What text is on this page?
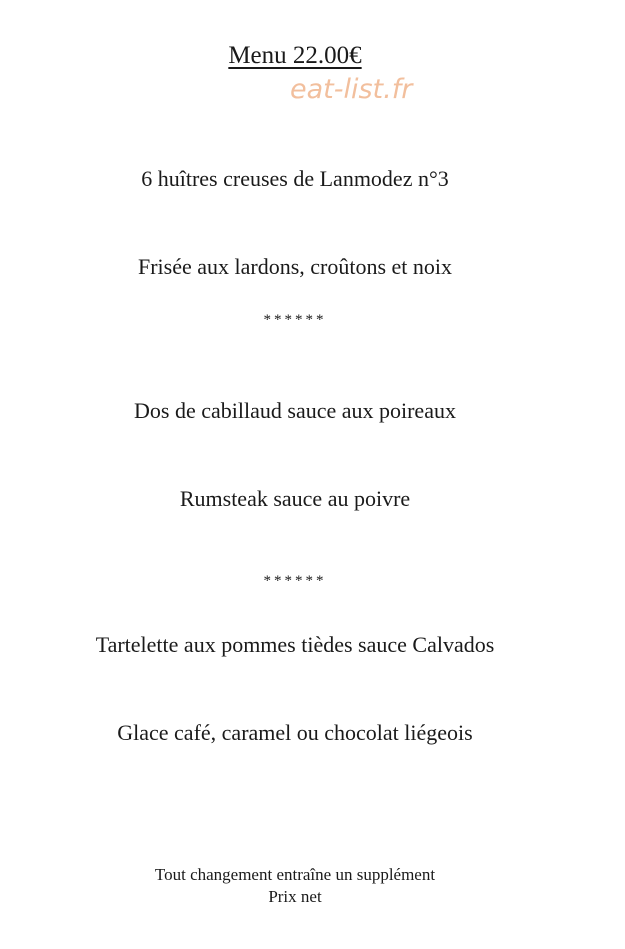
Menu 22.00€
eat-list.fr
6 huîtres creuses de Lanmodez n°3
Frisée aux lardons, croûtons et noix
******
Dos de cabillaud sauce aux poireaux
Rumsteak sauce au poivre
******
Tartelette aux pommes tièdes sauce Calvados
Glace café, caramel ou chocolat liégeois
Tout changement entraîne un supplément
Prix net
